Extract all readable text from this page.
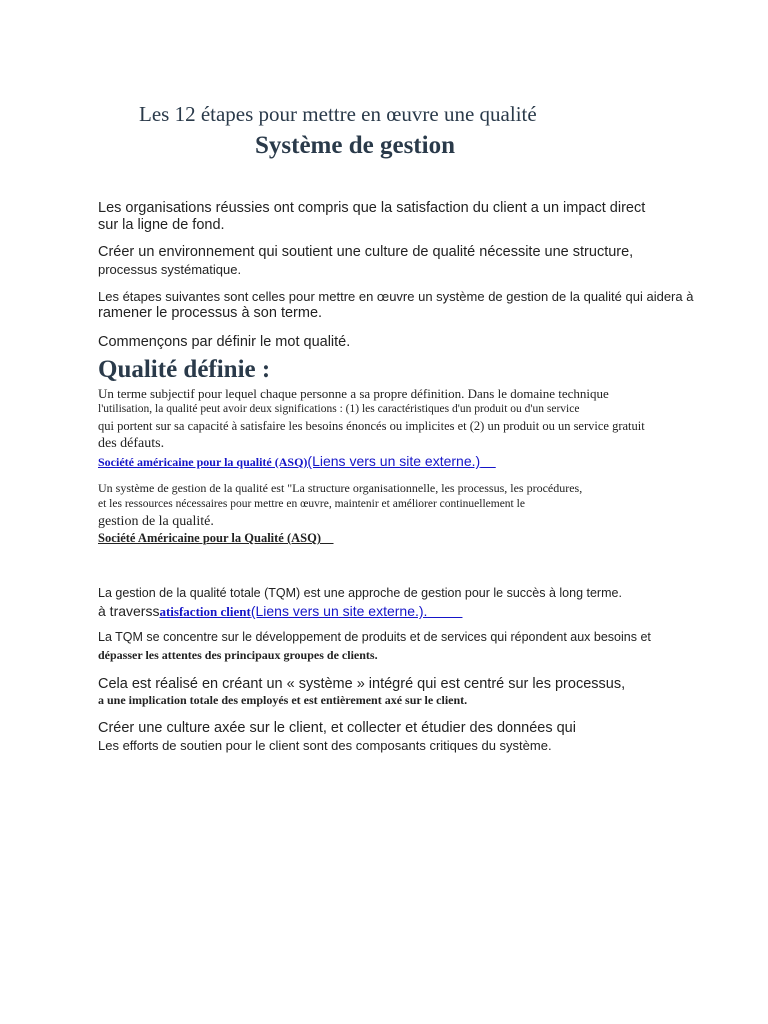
Les 12 étapes pour mettre en œuvre une qualité
Système de gestion
Les organisations réussies ont compris que la satisfaction du client a un impact direct
sur la ligne de fond.
Créer un environnement qui soutient une culture de qualité nécessite une structure,
processus systématique.
Les étapes suivantes sont celles pour mettre en œuvre un système de gestion de la qualité qui aidera à
ramener le processus à son terme.
Commençons par définir le mot qualité.
Qualité définie :
Un terme subjectif pour lequel chaque personne a sa propre définition. Dans le domaine technique
l'utilisation, la qualité peut avoir deux significations : (1) les caractéristiques d'un produit ou d'un service
qui portent sur sa capacité à satisfaire les besoins énoncés ou implicites et (2) un produit ou un service gratuit
des défauts.
Société américaine pour la qualité (ASQ)(Liens vers un site externe.)
Un système de gestion de la qualité est "La structure organisationnelle, les processus, les procédures,
et les ressources nécessaires pour mettre en œuvre, maintenir et améliorer continuellement le
gestion de la qualité.
Société Américaine pour la Qualité (ASQ)
La gestion de la qualité totale (TQM) est une approche de gestion pour le succès à long terme.
à traverssatisfaction client(Liens vers un site externe.).
La TQM se concentre sur le développement de produits et de services qui répondent aux besoins et
dépasser les attentes des principaux groupes de clients.
Cela est réalisé en créant un « système » intégré qui est centré sur les processus,
a une implication totale des employés et est entièrement axé sur le client.
Créer une culture axée sur le client, et collecter et étudier des données qui
Les efforts de soutien pour le client sont des composants critiques du système.
